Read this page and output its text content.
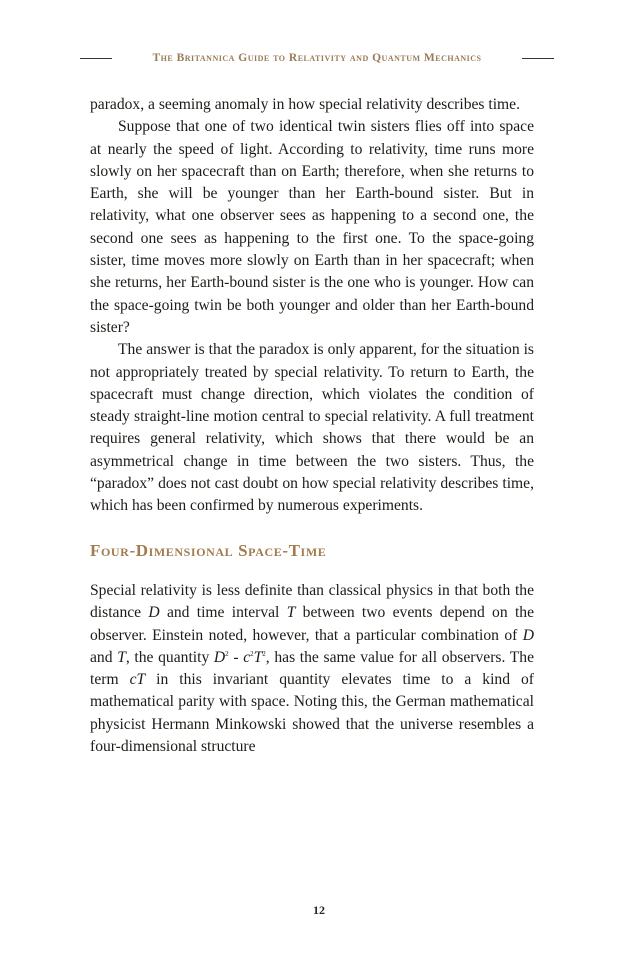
The Britannica Guide to Relativity and Quantum Mechanics

paradox, a seeming anomaly in how special relativity describes time.

Suppose that one of two identical twin sisters flies off into space at nearly the speed of light. According to relativity, time runs more slowly on her spacecraft than on Earth; therefore, when she returns to Earth, she will be younger than her Earth-bound sister. But in relativity, what one observer sees as happening to a second one, the second one sees as happening to the first one. To the space-going sister, time moves more slowly on Earth than in her spacecraft; when she returns, her Earth-bound sister is the one who is younger. How can the space-going twin be both younger and older than her Earth-bound sister?

The answer is that the paradox is only apparent, for the situation is not appropriately treated by special relativity. To return to Earth, the spacecraft must change direction, which violates the condition of steady straight-line motion central to special relativity. A full treatment requires general relativity, which shows that there would be an asymmetrical change in time between the two sisters. Thus, the “paradox” does not cast doubt on how special relativity describes time, which has been confirmed by numerous experiments.

Four-Dimensional Space-Time

Special relativity is less definite than classical physics in that both the distance D and time interval T between two events depend on the observer. Einstein noted, however, that a particular combination of D and T, the quantity $D^2 - c^2T^2$, has the same value for all observers. The term cT in this invariant quantity elevates time to a kind of mathematical parity with space. Noting this, the German mathematical physicist Hermann Minkowski showed that the universe resembles a four-dimensional structure

12
